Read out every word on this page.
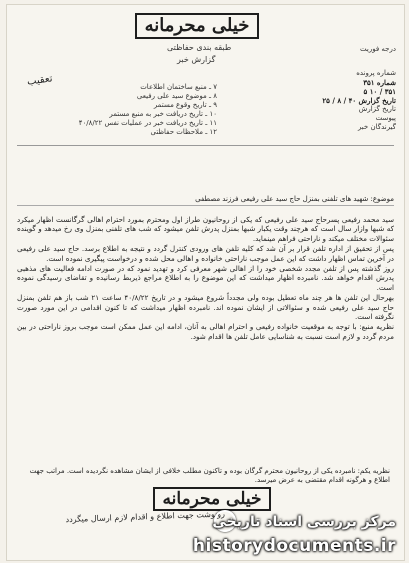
خیلی محرمانه
طبقه بندی حفاظتی
گزارش خبر
درجه فوریت
شماره پرونده
شماره ۳۵۱
۳۵۱ / ۱۰ ۵
تاریخ گزارش ۴۰ / ۸ / ۲۵
تاریخ گزارش
پیوست
گیرندگان خبر
تعقیب	۷ ـ منبع ساختمان اطلاعات
۸ ـ موضوع سید علی رفیعی
۹ ـ تاریخ وقوع مستمر
۱۰ ـ تاریخ دریافت خبر به منبع مستمر
۱۱ ـ تاریخ دریافت خبر در عملیات نفس ۴۰/۸/۲۲
۱۲ ـ ملاحظات حفاظتی
موضوع: شهید های تلفنی بمنزل حاج سید علی رفیعی فرزند مصطفی

سید محمد رفیعی پسرحاج سید علی رفیعی که یکی از روحانیون طراز اول ومحترم بمورد احترام اهالی گرگانست اظهار میکرد که شبها وازار سال است که هرچند وقت یکبار شبها بمنزل پدرش تلفن میشود که شب های تلفنی بمنزل وی رخ میدهد و گوینده سئوالات مختلف میکند و ناراحتی فراهم مینماید.

پس از تحقیق از اداره تلفن قرار بر آن شد که کلیه تلفن های ورودی کنترل گردد و نتیجه به اطلاع برسد. حاج سید علی رفیعی در آخرین تماس اظهار داشت که این عمل موجب ناراحتی خانواده و اهالی محل شده و درخواست پیگیری نموده است.

روز گذشته پس از تلفن مجدد شخصی خود را از اهالی شهر معرفی کرد و تهدید نمود که در صورت ادامه فعالیت های مذهبی پدرش اقدام خواهد شد. نامبرده اظهار میداشت که این موضوع را به اطلاع مراجع ذیربط رسانیده و تقاضای رسیدگی نموده است.

بهرحال این تلفن ها هر چند ماه تعطیل بوده ولی مجدداً شروع میشود و در تاریخ ۴۰/۸/۲۲ ساعت ۲۱ شب باز هم تلفن بمنزل حاج سید علی رفیعی شده و سئوالاتی از ایشان نموده اند. نامبرده اظهار میداشت که تا کنون اقدامی در این مورد صورت نگرفته است.

نظریه منبع: با توجه به موقعیت خانواده رفیعی و احترام اهالی به آنان، ادامه این عمل ممکن است موجب بروز ناراحتی در بین مردم گردد و لازم است نسبت به شناسایی عامل تلفن ها اقدام شود.

نظریه یکم: نامبرده یکی از روحانیون محترم گرگان بوده و تاکنون مطلب خلافی از ایشان مشاهده نگردیده است. مراتب جهت اطلاع و هرگونه اقدام مقتضی به عرض میرسد.
خیلی محرمانه
رونوشت جهت اطلاع و اقدام لازم ارسال میگردد
مرکز بررسی اسناد تاریخی
historydocuments.ir
